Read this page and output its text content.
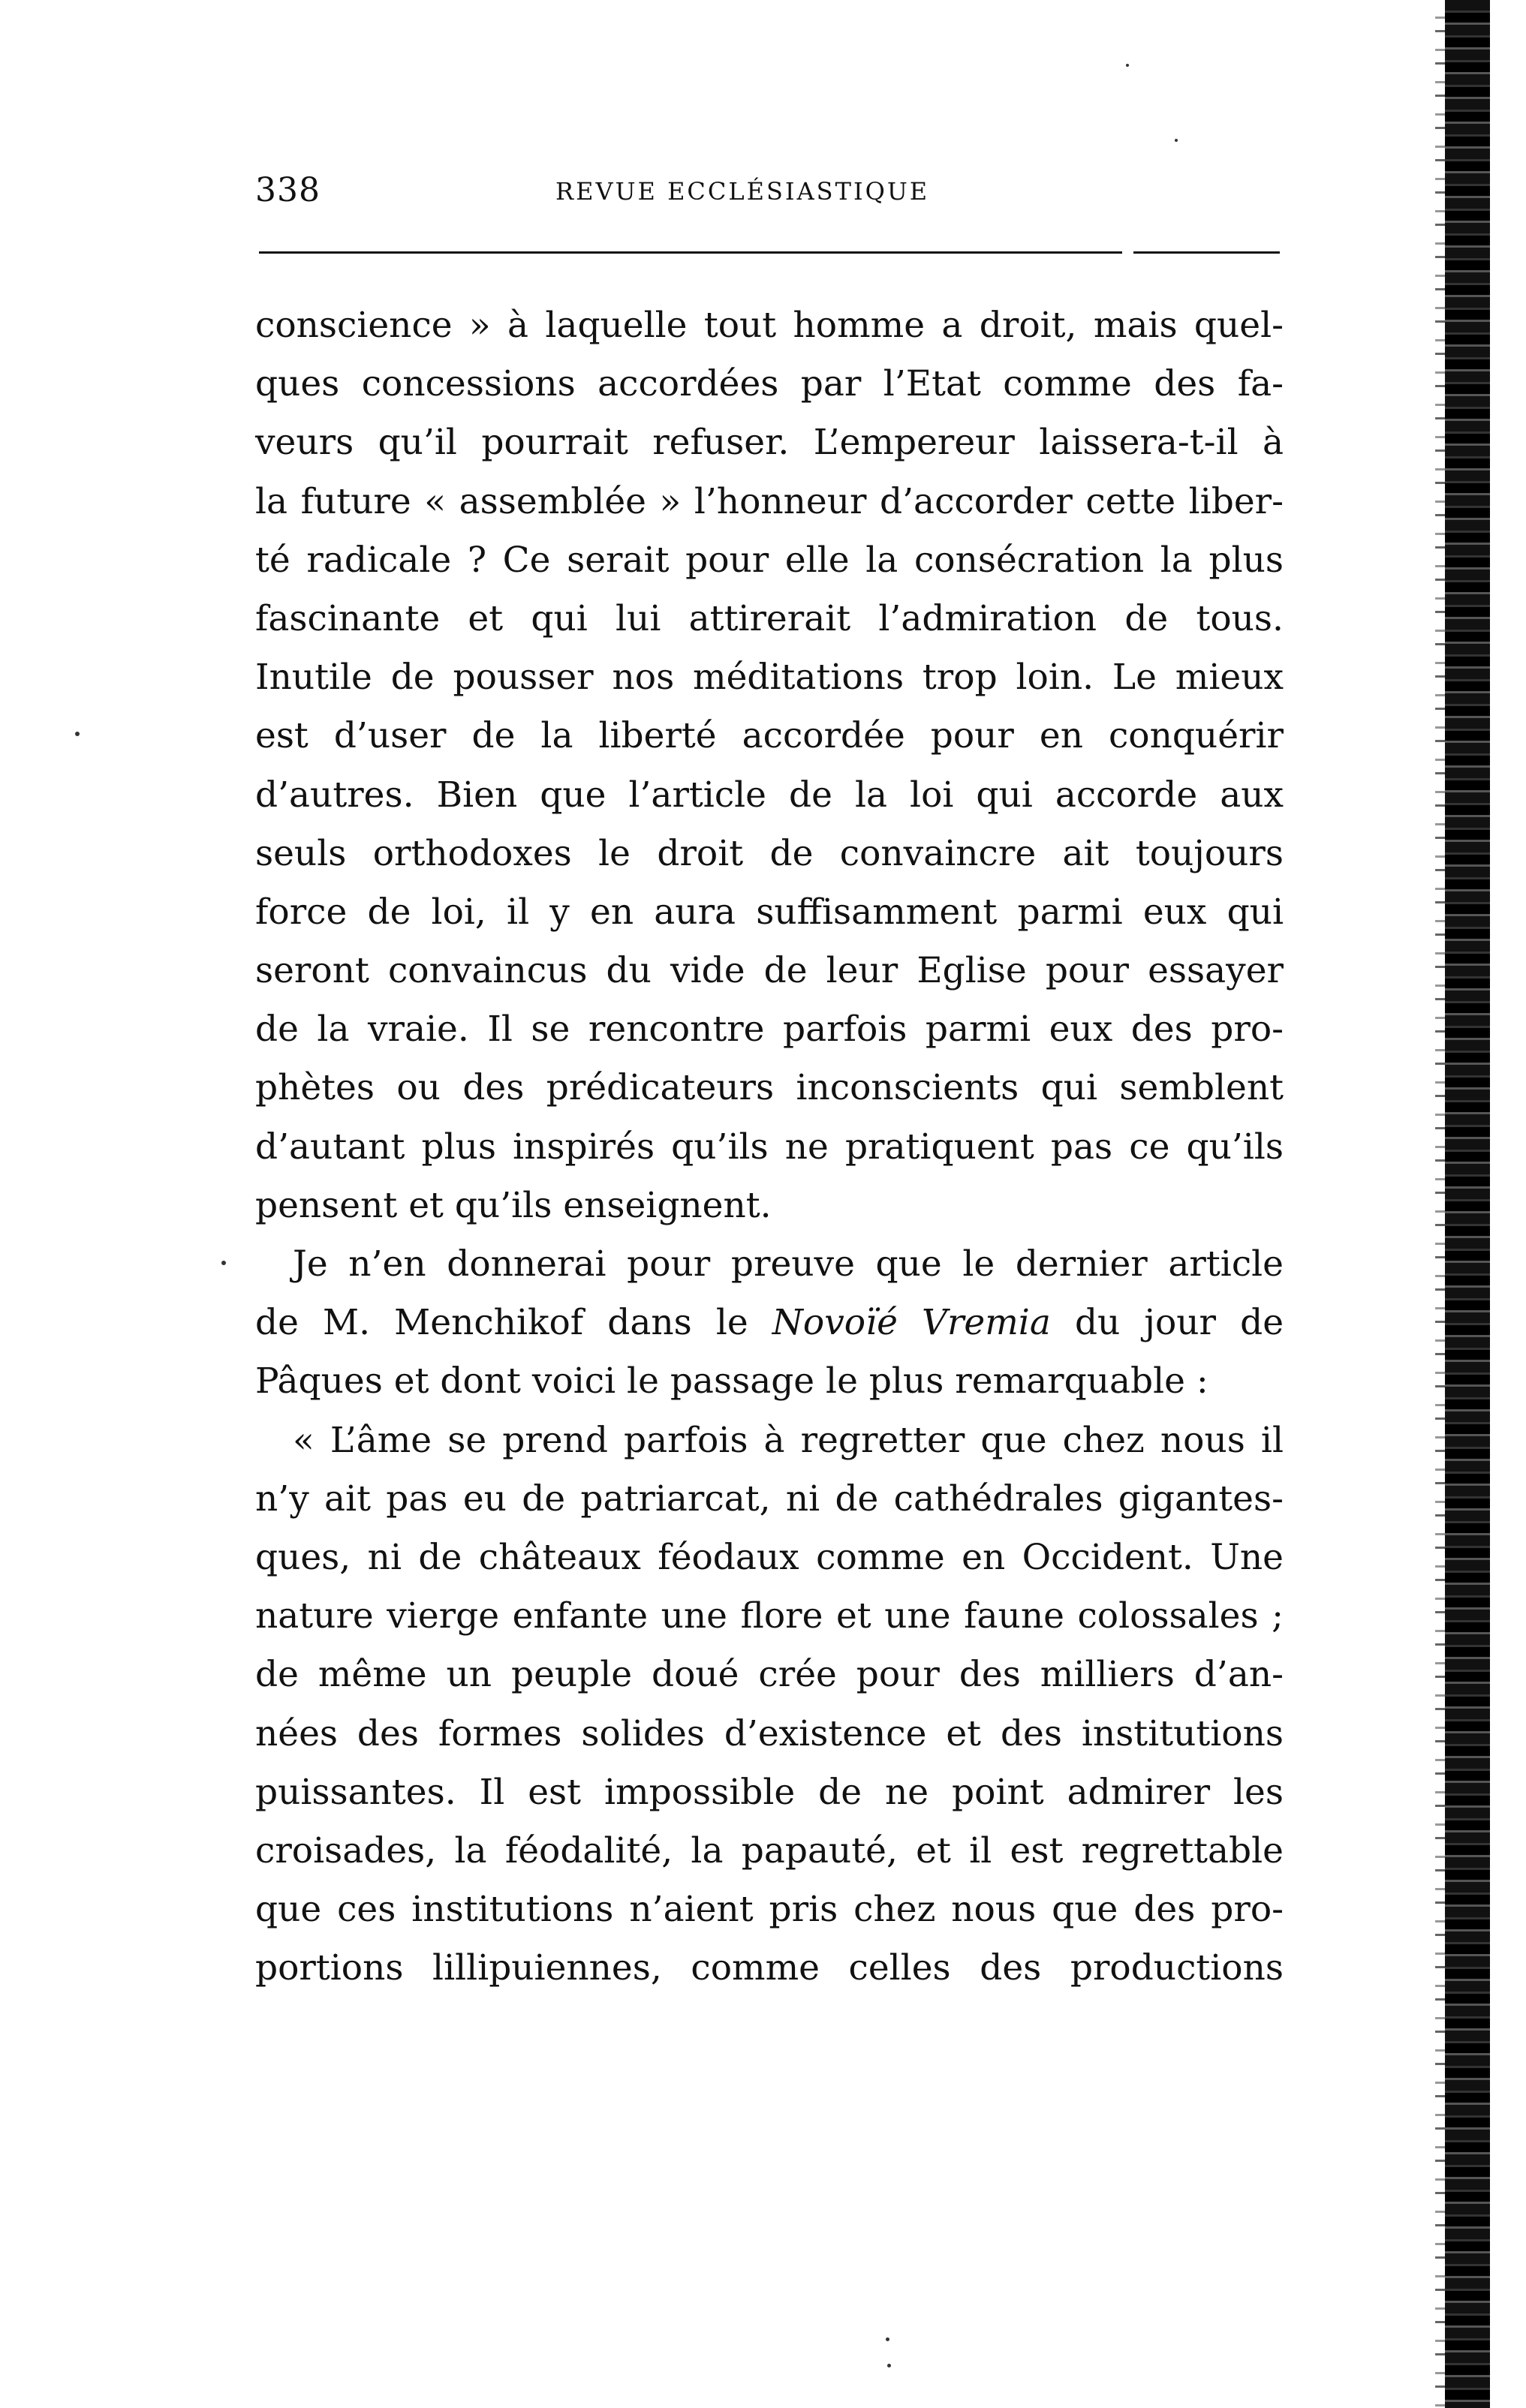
338	REVUE ECCLÉSIASTIQUE
conscience » à laquelle tout homme a droit, mais quel-
ques concessions accordées par l’Etat comme des fa-
veurs qu’il pourrait refuser. L’empereur laissera-t-il à
la future « assemblée » l’honneur d’accorder cette liber-
té radicale ? Ce serait pour elle la consécration la plus
fascinante et qui lui attirerait l’admiration de tous.
Inutile de pousser nos méditations trop loin. Le mieux
est d’user de la liberté accordée pour en conquérir
d’autres. Bien que l’article de la loi qui accorde aux
seuls orthodoxes le droit de convaincre ait toujours
force de loi, il y en aura suffisamment parmi eux qui
seront convaincus du vide de leur Eglise pour essayer
de la vraie. Il se rencontre parfois parmi eux des pro-
phètes ou des prédicateurs inconscients qui semblent
d’autant plus inspirés qu’ils ne pratiquent pas ce qu’ils
pensent et qu’ils enseignent.
Je n’en donnerai pour preuve que le dernier article
de M. Menchikof dans le Novoïé Vremia du jour de
Pâques et dont voici le passage le plus remarquable :
« L’âme se prend parfois à regretter que chez nous il
n’y ait pas eu de patriarcat, ni de cathédrales gigantes-
ques, ni de châteaux féodaux comme en Occident. Une
nature vierge enfante une flore et une faune colossales ;
de même un peuple doué crée pour des milliers d’an-
nées des formes solides d’existence et des institutions
puissantes. Il est impossible de ne point admirer les
croisades, la féodalité, la papauté, et il est regrettable
que ces institutions n’aient pris chez nous que des pro-
portions lillipuiennes, comme celles des productions
